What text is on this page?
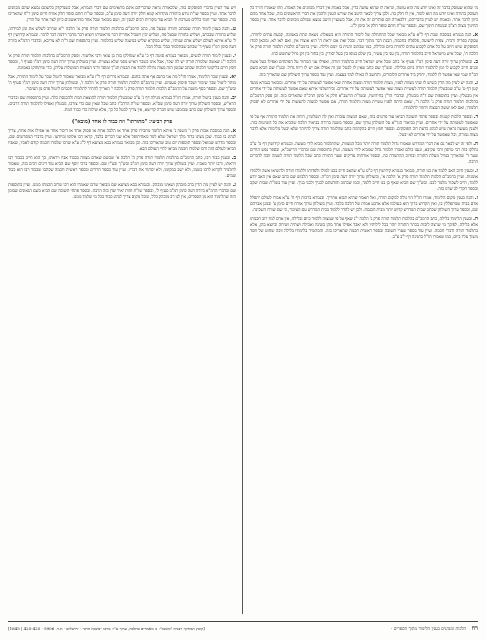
מי שהוא שעוסק בדבר זה ואינו יודע מה הוא עושה, ונראה לו שהוא עושה כדין, אבל באמת אין דבריו מכוונים אל האמת. וזהו שאמרו חז"ל כל העוסק בתורה ואינו יודע מה הוא לומד, אין לו חלק בה. ולכן צריך לבאר היטב את שורש הענין ולהבין את דברי הראשונים בזה, שכל אחד מהם כיוון לדבר אחר. ובאמת יש לעיין בדבריהם, דלכאורה הם סותרים זה את זה, אבל כשנעיין היטב נמצא שכולם מכוונים לדבר אחד. עיין בספר החינוך מצוה רצ"ב ובמנחת חינוך שם, ובספר שו"ת חתם סופר חלק א' סימן ל"ג.

א. הנה בגמרא במסכת שבת דף ל"א ע"א מבואר שכל ההתחלה של לימוד התורה היא בשאלה: נשאת ונתת באמונה, קבעת עתים לתורה, עסקת בפריה ורביה, צפית לישועה, פלפלת בחכמה, הבנת דבר מתוך דבר. ובכל זאת אם יראת ה' היא אוצרו אין, ואם לאו לא. ומכאן למדו הפוסקים שיש חיוב על כל אדם לקבוע עתים לתורה ביום ובלילה, כמו שכתוב והגית בו יומם ולילה. ועיין ברמב"ם הלכות תלמוד תורה פרק א' הלכה ח', שכל איש מישראל חייב בתלמוד תורה, בין עני בין עשיר, בין שלם בגופו בין בעל יסורין, בין בחור בין זקן גדול שתשש כחו.

ב. ובשולחן ערוך יורה דעה סימן רמ"ו סעיף א' כתב שכל איש ישראל חייב בתלמוד תורה, ואפילו עני המחזר על הפתחים ואפילו בעל אשה ובנים חייב לקבוע לו זמן לתלמוד תורה ביום ובלילה. ובש"ך שם כתב שאין לו לבטל זמן זה אפילו אם יש לו ריוח גדול. ובט"ז שם הביא בשם הב"ח שמי שאי אפשר לו ללמוד, יחזיק ביד אחרים הלומדים, ותחשב לו כאילו למד בעצמו. ועיין עוד בספר ערוך השולחן שם שהאריך בזה.

ג. והנה יש לעיין מה הדין כשיש לו שתי מצוות לפניו, מצות תלמוד תורה ומצוה אחרת שאי אפשר לעשותה על ידי אחרים. ומבואר בגמרא מועד קטן דף ט' ע"ב שמבטלין תלמוד תורה לעשיית מצוה שאי אפשר לעשותה על ידי אחרים. ובירושלמי איתא שאם אפשר לעשותה על ידי אחרים אין מבטלין. ועיין בתוספות שם ד"ה מבטלין, ובדברי הר"ן בחידושיו, ובשו"ת הרשב"א חלק א' סימן תרכ"ה שהאריכו בזה. וכן פסק הרמב"ם בהלכות תלמוד תורה פרק ג' הלכה ד', שאם היתה לפניו עשיית מצוה ותלמוד תורה, אם אפשר למצוה להעשות על ידי אחרים לא יפסיק תלמודו, ואם לאו יעשה המצוה ויחזור לתלמודו.

ד. ובספר הלכות קטנות ובספר פתחי תשובה הביאו עוד פרטים בזה, שאם המצוה עוברת ואין לה תשלומין, דוחה את תלמוד התורה אף על פי שאפשר לעשותה על ידי אחרים. ועיין בביאור הגר"א על השולחן ערוך שם, ובספר משנה ברורה בביאור הלכה שהביא את כל השיטות בזה. ולענין מעשה נראה שיש לנהוג כדעת רוב הפוסקים. ובספר חפץ חיים בהקדמה כתב שהלומד תורה צריך להיזהר שלא יבטל מלימודו אלא לדבר מצוה גמורה, וכל שאפשר על ידי אחרים לא יבטל.

ה. ולפי זה יש לבאר גם את דברי המדרש שאמרו גדול תלמוד תורה יותר מכל המצוות, שהתלמוד מביא לידי מעשה. ובגמרא קידושין דף מ' ע"ב נחלקו בזה רבי טרפון ורבי עקיבא, ונענו כולם ואמרו תלמוד גדול שמביא לידי מעשה. ועיין בתוספות שם ובדברי הריטב"א, ובספר נפש החיים שער ד' שהאריך בגודל מעלת התורה ובחיוב ההתמדה בה. ובספר אורחות צדיקים שער התורה כתב שכל הלומד תורה לשמה זוכה לדברים הרבה.

ו. ובענין חיוב האב ללמד את בנו תורה, מבואר בגמרא קידושין דף כ"ט ע"א שהאב חייב בבנו למולו ולפדותו וללמדו תורה ולהשיאו אשה וללמדו אומנות. ועיין ברמב"ם הלכות תלמוד תורה פרק א' הלכה א', ובשולחן ערוך יורה דעה סימן רמ"ה. ובספר הלבוש שם כתב שאם אין האב יודע ללמד, חייב לשכור מלמד לבנו. ובש"ך שם הביא שאף בן בנו חייב ללמד, וכמו שכתוב והודעתם לבניך ולבני בניך. ועיין עוד בשו"ת שבות יעקב ובספר חקרי לב שדנו בזה.

ז. והנה בענין מקום הלימוד, אמרו חז"ל הוי גולה למקום תורה, ואל תאמר שהיא תבוא אחריך. ובגמרא ברכות דף ח' ע"א אמרו לעולם יתפלל אדם בבית שמתפללין בו, ואין הקדוש ברוך הוא בעולמו אלא ארבע אמות של הלכה בלבד. ועיין בשולחן ערוך אורח חיים סימן צ' ובמגן אברהם שם, ובספר ערוך השולחן שכתב שבית המדרש קדוש יותר מבית הכנסת. ולכן יש להדר ללמוד בבית המדרש עם הציבור, כי שם שורה השכינה.

ח. ובענין הלימוד בלילה, כתב הרמב"ם בהלכות תלמוד תורה פרק ג' הלכה י"ג שאף על פי שמצוה ללמוד ביום ובלילה, אין אדם למד רוב חכמתו אלא בלילה, לפיכך מי שרצה לזכות בכתר התורה יזהר בכל לילותיו ולא יאבד אפילו אחד מהן בשינה ואכילה ושתיה ושיחה וכיוצא בהן, אלא בתלמוד תורה ודברי חכמה. ועיין עוד בספר שערי תשובה ובספר ראשית חכמה שהאריכו בזה. והמתמיד בלימודו בלילה זוכה שחוט של חסד משוך עליו ביום, כמו שאמרו חז"ל בחגיגה דף י"ב ע"ב.

ויש עוד לעיין בדברי הפוסקים בזה, שלכאורה נראה שדבריהם אינם מתאימים עם דברי הגמרא, אבל כשנדקדק בלשונם נמצא שהם מכוונים לדבר אחד. ועיין בספר שו"ת נודע ביהודה מהדורא קמא חלק יורה דעה סימן ע"ב, ובספר שו"ת חתם סופר חלק אורח חיים סימן ר"ח שהאריכו בזה. ובספר שדי חמד כללים מערכת ת' הביא עוד מקורות רבים לענין זה, ושם מבואר שכל אחד מהראשונים כיוון לצד אחר של הדין.

ט. והנה בענין לימוד תורה שבכתב ותורה שבעל פה, כתב הרמב"ם בהלכות תלמוד תורה פרק א' הלכה י"א שחייב לשלש את זמן למידתו, שליש בתורה שבכתב, ושליש בתורה שבעל פה, ושליש יבין וישכיל אחרית דבר מראשיתו ויוציא דבר מדבר וידמה דבר לדבר. ובגמרא קידושין דף ל' ע"א איתא לעולם ישלש אדם שנותיו, שליש במקרא שליש במשנה שליש בתלמוד. ועיין בתוספות שם ד"ה לא צריכא, ובדברי הרמ"א ביורה דעה סימן רמ"ו סעיף ד' שכתב שבתלמוד בבלי נכלל הכל.

י. ובענין לימוד תורה לנשים, מבואר בגמרא סוטה דף כ' ע"א שנחלקו בזה בן עזאי ורבי אליעזר. ופסק הרמב"ם בהלכות תלמוד תורה פרק א' הלכה י"ג שאשה שלמדה תורה יש לה שכר, אבל אינו כשכר האיש מפני שלא נצטוית. ועיין בשולחן ערוך יורה דעה סימן רמ"ו סעיף ו', ובספר חפץ חיים בליקוטי הלכות שכתב שבזמן הזה מצוה גדולה ללמד את הבנות תנ"ך ומוסר ודיני המצוות המוטלות עליהן, כדי שיתחזקו באמונה.

יא. ובענין שכר הלימוד, אמרו חז"ל מה אני בחנם אף אתה בחנם. ובגמרא נדרים דף ל"ז ע"א מבואר שאסור ליטול שכר על לימוד התורה, אבל מותר ליטול שכר שימור ושכר פיסוק טעמים. ועיין ברמב"ם הלכות תלמוד תורה פרק א' הלכה ז', ובשולחן ערוך יורה דעה סימן רמ"ו סעיף ה' ובש"ך שם. ובספר כסף משנה על הרמב"ם הלכות תלמוד תורה פרק ג' הלכה י' האריך להתיר לתלמידי חכמים ליטול פרס מן הציבור.

יב. והנה בענין ביטול תורה, אמרו חז"ל בגמרא מגילה דף ג' ע"ב שמבטלין תלמוד תורה להוצאת המת ולהכנסת כלה. ועיין בתוספות שם ובדברי הרא"ש, ובספר השולחן ערוך יורה דעה סימן שס"א. ובספר שו"ת הרדב"ז כתב שכל שאין שם כדי צורכו, מבטלין ואפילו לתלמוד תורה דרבים. ובספר ערוך השולחן שם כתב שבזמננו שיש חברה קדישא, אין צריך לבטל כל כך, אלא שילוה כדי כבוד המת.

פרק רביעי: "מתורתו" וזה כבוד לו אחד (מובא")

א. הנה במסכת אבות פרק ו' משנה ג' איתא הלומד מחבירו פרק אחד או הלכה אחת או פסוק אחד או דיבור אחד או אפילו אות אחת, צריך לנהוג בו כבוד. שכן מצינו בדוד מלך ישראל שלא למד מאחיתופל אלא שני דברים בלבד, קראו רבו אלופו ומיודעו. ועיין בדברי המפרשים שם, ובספר מדרש שמואל ובספר תוספות יום טוב שהאריכו בזה. וכן מבואר בגמרא בבא מציעא דף ל"ג ע"א שרבו שלמדו חכמה קודם לאביו, שאביו הביאו לעולם הזה ורבו שלמדו חכמה מביאו לחיי העולם הבא.

ב. ובענין כבוד רבו, כתב הרמב"ם בהלכות תלמוד תורה פרק ה' הלכה א' שכשם שאדם מצווה בכבוד אביו ויראתו, כך הוא חייב בכבוד רבו ויראתו, ורבו יותר מאביו. ועיין בשולחן ערוך יורה דעה סימן רמ"ב ובש"ך ובט"ז שם. ובספר ברכי יוסף שם הביא עוד דינים רבים בזה, שאסור לתלמיד לקרוא לרבו בשמו, ולא ישב במקומו, ולא יסתור את דבריו. ועיין עוד בספר חרדים ובספר ראשית חכמה שכתבו שכבוד רבו הוא כבוד שמים.

ג. והנה יש לעיין מה הדין ברב מובהק ושאינו מובהק. ובגמרא בבא מציעא שם מבואר שרבו שאמרו הוא רבו שרוב חכמתו ממנו. ועיין בתוספות שם ובדברי הרמ"א ביורה דעה סימן רמ"ב סעיף ל', ובספר שו"ת חוות יאיר שדן בזה הרבה. ובספר פתחי תשובה שם הביא בשם הגאונים שבזמן הזה שהלימוד הוא מן הספרים, אין לנו רב מובהק כלל, ומכל מקום צריך לנהוג כבוד בכל מי שלמד ממנו.

רח הלכות ומנהגים בענין הלימוד מתוך הספרים ·
[קובץ המחקר רבנית "משנה": נו מאמרים בהלכה, ערוך ע"י: מרכז ״משנת הרב״ · ירושלים · ת.ד. 5906 · 425-425 | 1845]
